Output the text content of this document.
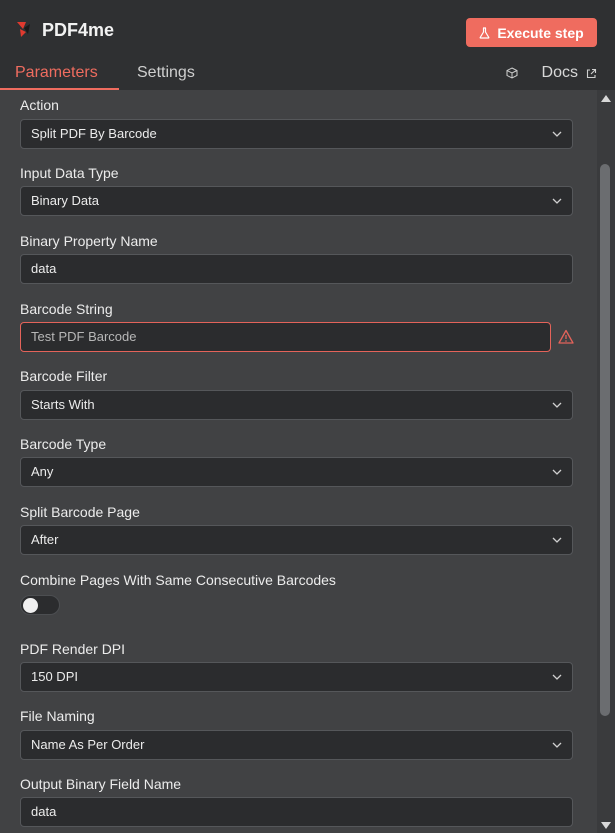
PDF4me	Execute step
Parameters Settings	Docs
Action
Split PDF By Barcode
Input Data Type
Binary Data
Binary Property Name
data
Barcode String
Test PDF Barcode
Barcode Filter
Starts With
Barcode Type
Any
Split Barcode Page
After
Combine Pages With Same Consecutive Barcodes
PDF Render DPI
150 DPI
File Naming
Name As Per Order
Output Binary Field Name
data
